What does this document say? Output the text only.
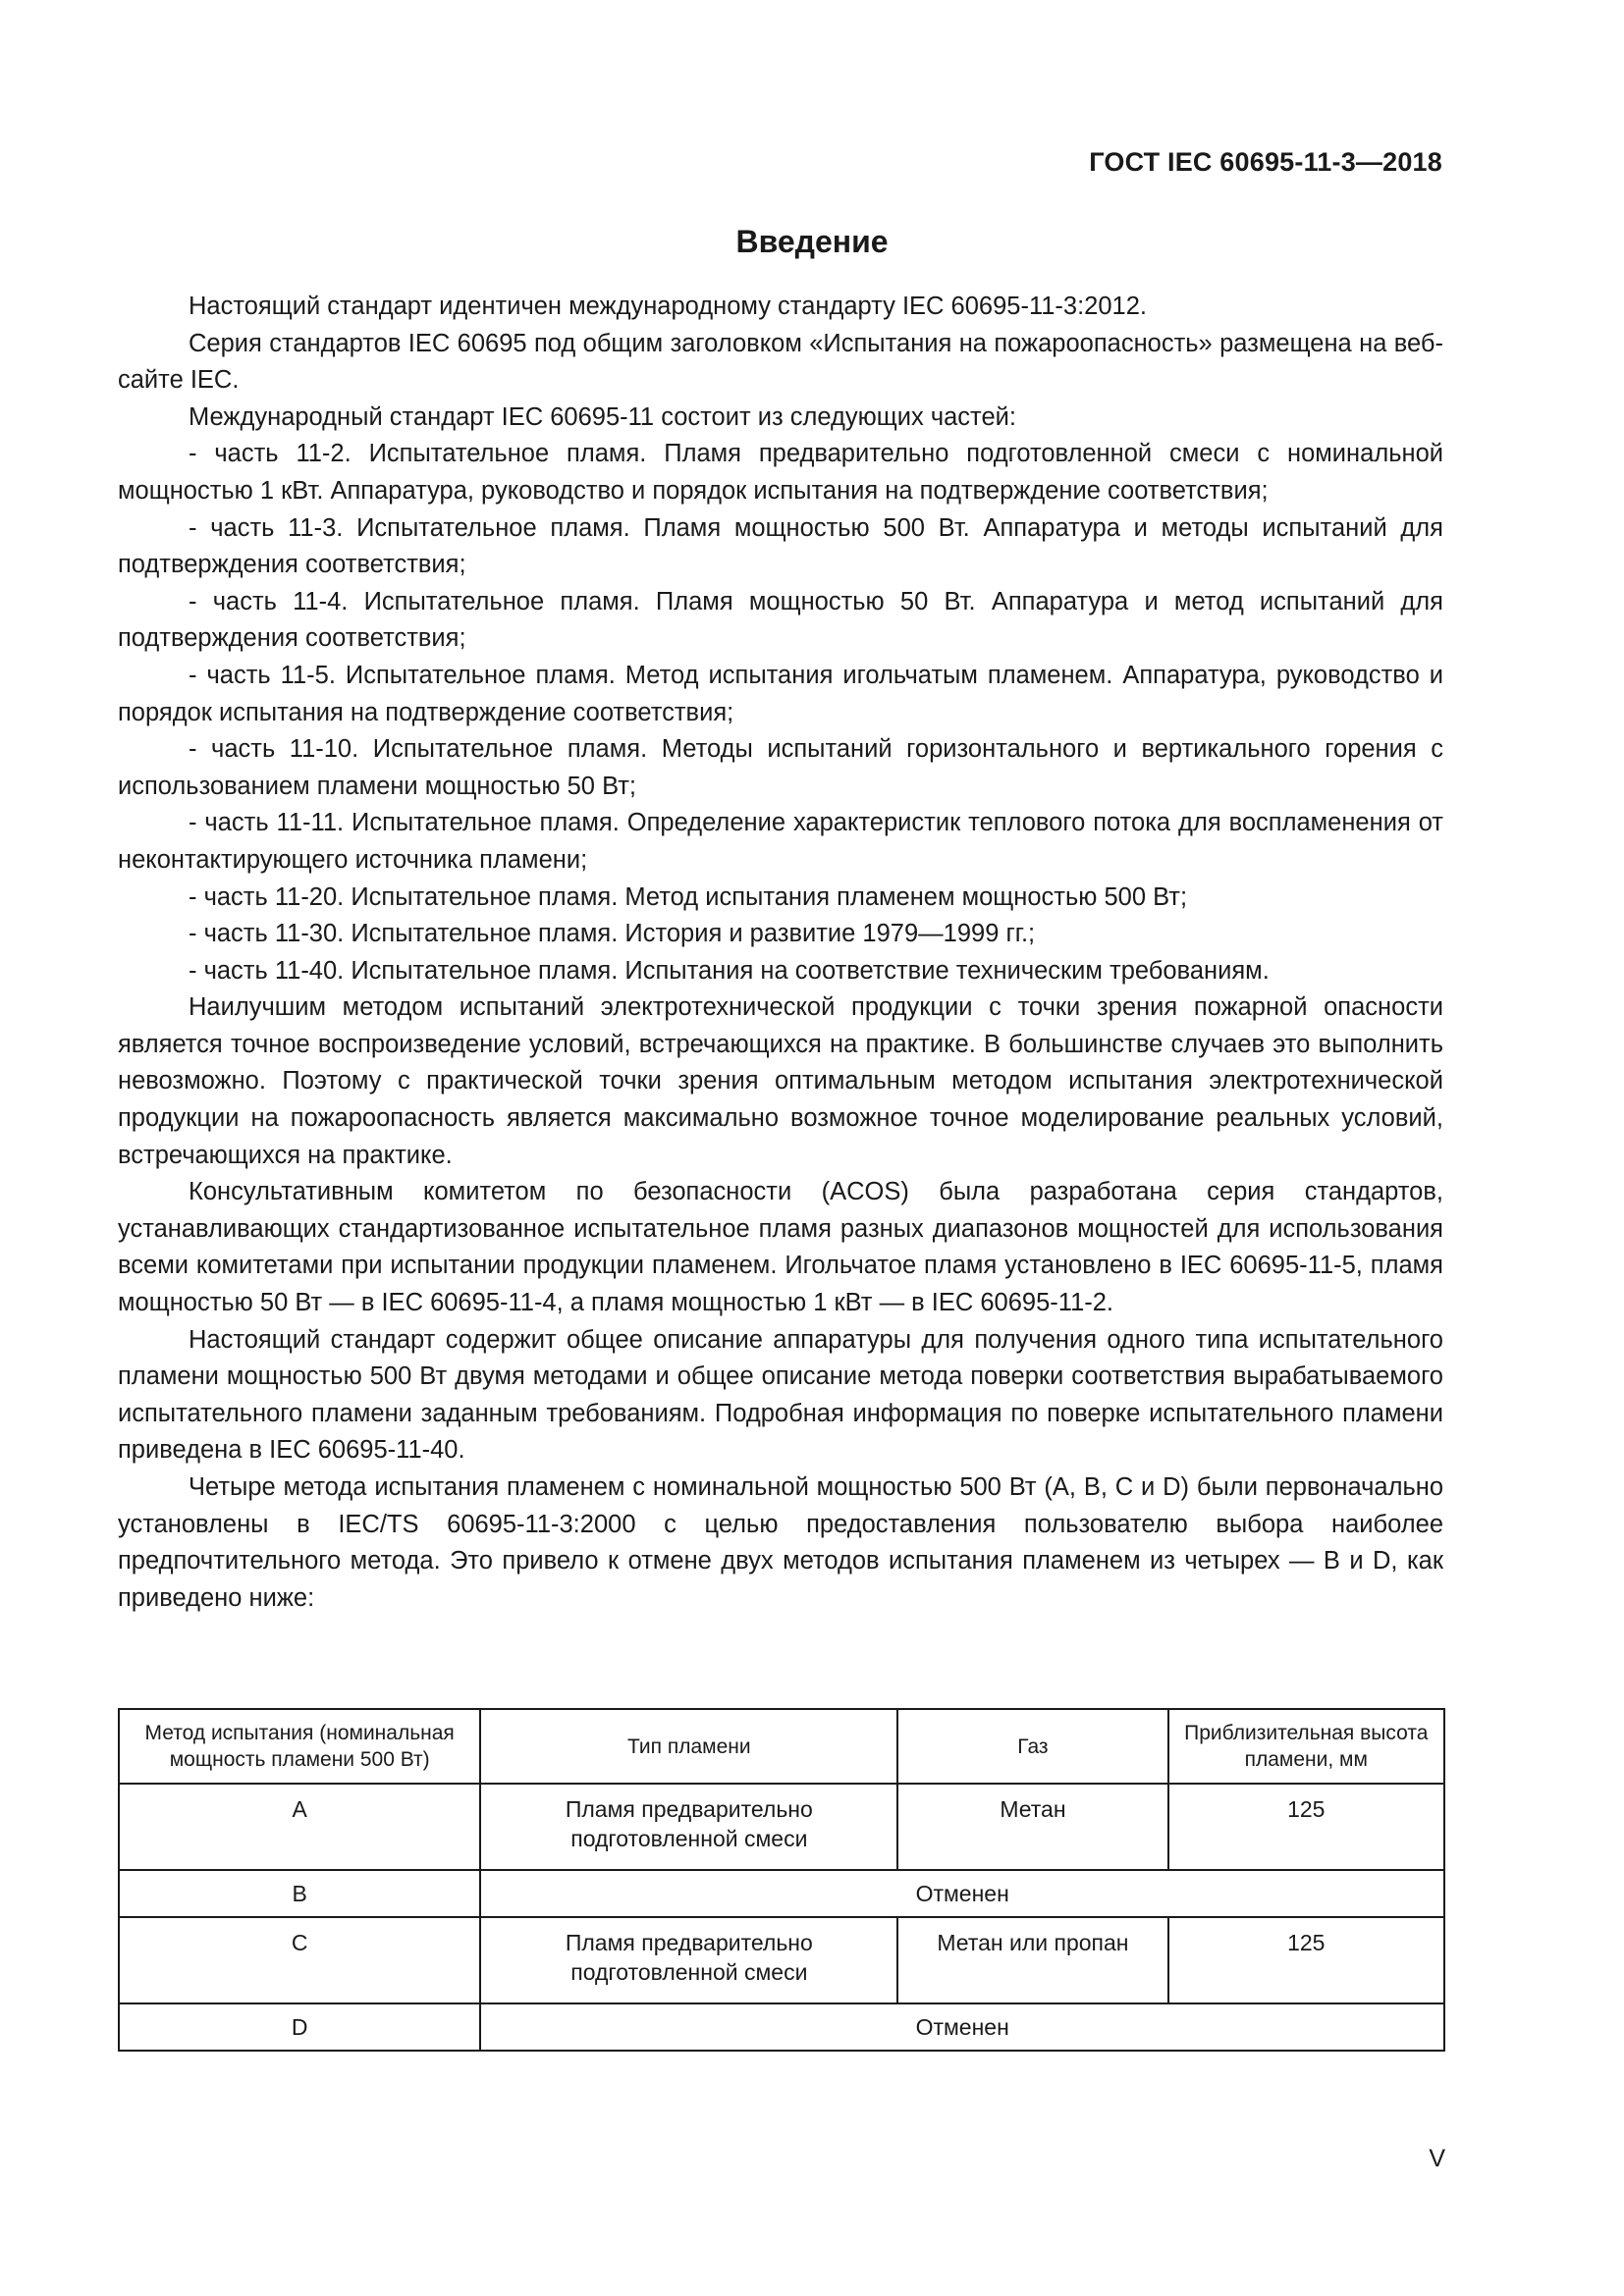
ГОСТ IEC 60695-11-3—2018
Введение

Настоящий стандарт идентичен международному стандарту IEC 60695-11-3:2012.

Серия стандартов IEC 60695 под общим заголовком «Испытания на пожароопасность» размещена на веб-сайте IEC.

Международный стандарт IEC 60695-11 состоит из следующих частей:

- часть 11-2. Испытательное пламя. Пламя предварительно подготовленной смеси с номинальной мощностью 1 кВт. Аппаратура, руководство и порядок испытания на подтверждение соответствия;

- часть 11-3. Испытательное пламя. Пламя мощностью 500 Вт. Аппаратура и методы испытаний для подтверждения соответствия;

- часть 11-4. Испытательное пламя. Пламя мощностью 50 Вт. Аппаратура и метод испытаний для подтверждения соответствия;

- часть 11-5. Испытательное пламя. Метод испытания игольчатым пламенем. Аппаратура, руководство и порядок испытания на подтверждение соответствия;

- часть 11-10. Испытательное пламя. Методы испытаний горизонтального и вертикального горения с использованием пламени мощностью 50 Вт;

- часть 11-11. Испытательное пламя. Определение характеристик теплового потока для воспламенения от неконтактирующего источника пламени;

- часть 11-20. Испытательное пламя. Метод испытания пламенем мощностью 500 Вт;

- часть 11-30. Испытательное пламя. История и развитие 1979—1999 гг.;

- часть 11-40. Испытательное пламя. Испытания на соответствие техническим требованиям.

Наилучшим методом испытаний электротехнической продукции с точки зрения пожарной опасности является точное воспроизведение условий, встречающихся на практике. В большинстве случаев это выполнить невозможно. Поэтому с практической точки зрения оптимальным методом испытания электротехнической продукции на пожароопасность является максимально возможное точное моделирование реальных условий, встречающихся на практике.

Консультативным комитетом по безопасности (ACOS) была разработана серия стандартов, устанавливающих стандартизованное испытательное пламя разных диапазонов мощностей для использования всеми комитетами при испытании продукции пламенем. Игольчатое пламя установлено в IEC 60695-11-5, пламя мощностью 50 Вт — в IEC 60695-11-4, а пламя мощностью 1 кВт — в IEC 60695-11-2.

Настоящий стандарт содержит общее описание аппаратуры для получения одного типа испытательного пламени мощностью 500 Вт двумя методами и общее описание метода поверки соответствия вырабатываемого испытательного пламени заданным требованиям. Подробная информация по поверке испытательного пламени приведена в IEC 60695-11-40.

Четыре метода испытания пламенем с номинальной мощностью 500 Вт (A, B, C и D) были первоначально установлены в IEC/TS 60695-11-3:2000 с целью предоставления пользователю выбора наиболее предпочтительного метода. Это привело к отмене двух методов испытания пламенем из четырех — B и D, как приведено ниже:

Метод испытания (номинальная мощность пламени 500 Вт)	Тип пламени	Газ	Приблизительная высота пламени, мм
A	Пламя предварительно подготовленной смеси	Метан	125
B	Отменен		
C	Пламя предварительно подготовленной смеси	Метан или пропан	125
D	Отменен		
V
